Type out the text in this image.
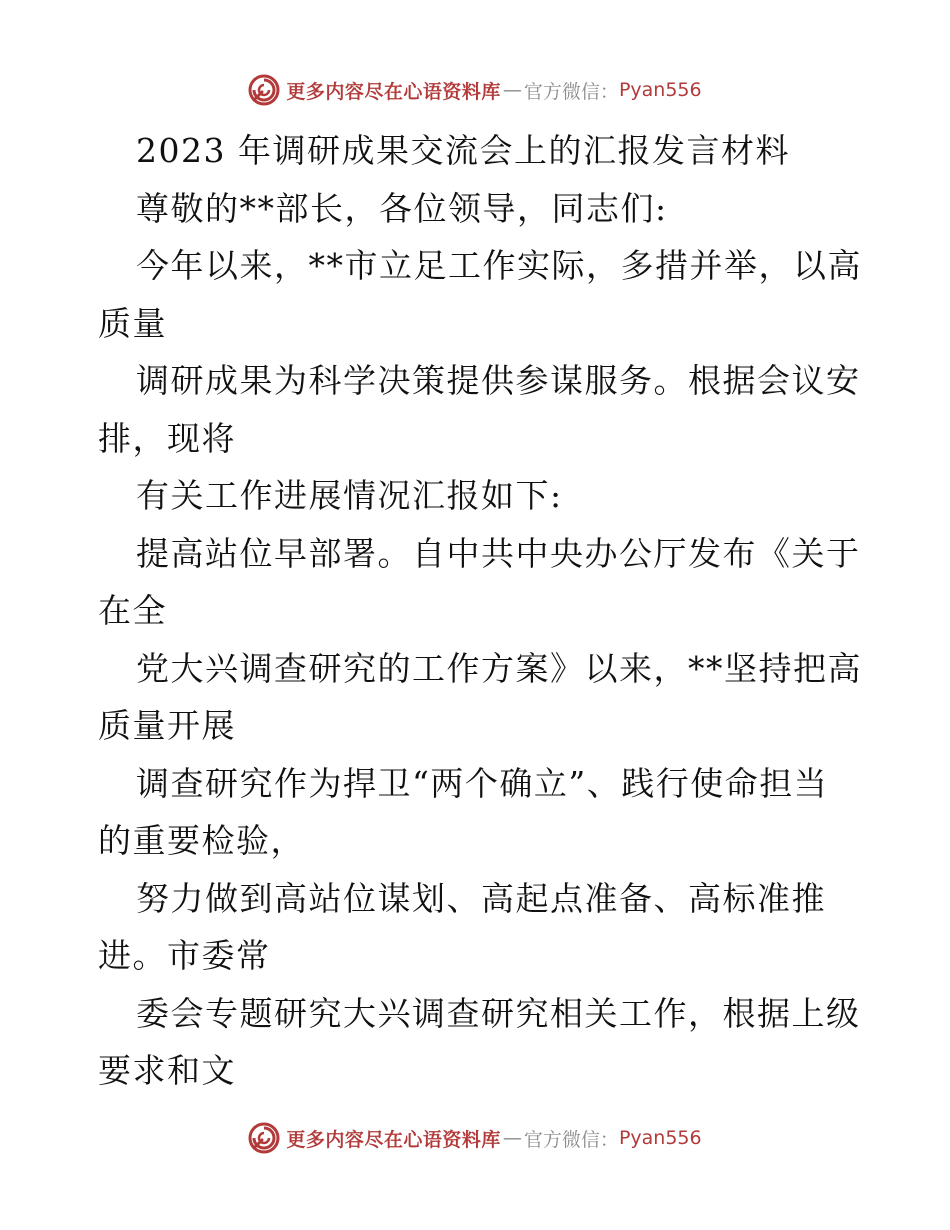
更多内容尽在心语资料库 — 官方微信： Pyan556
2023 年调研成果交流会上的汇报发言材料
尊敬的**部长，各位领导，同志们:
今年以来，**市立足工作实际，多措并举，以高
质量
调研成果为科学决策提供参谋服务。根据会议安
排，现将
有关工作进展情况汇报如下:
提高站位早部署。自中共中央办公厅发布《关于
在全
党大兴调查研究的工作方案》以来，**坚持把高
质量开展
调查研究作为捍卫“两个确立”、践行使命担当
的重要检验，
努力做到高站位谋划、高起点准备、高标准推
进。市委常
委会专题研究大兴调查研究相关工作，根据上级
要求和文
更多内容尽在心语资料库 — 官方微信： Pyan556
